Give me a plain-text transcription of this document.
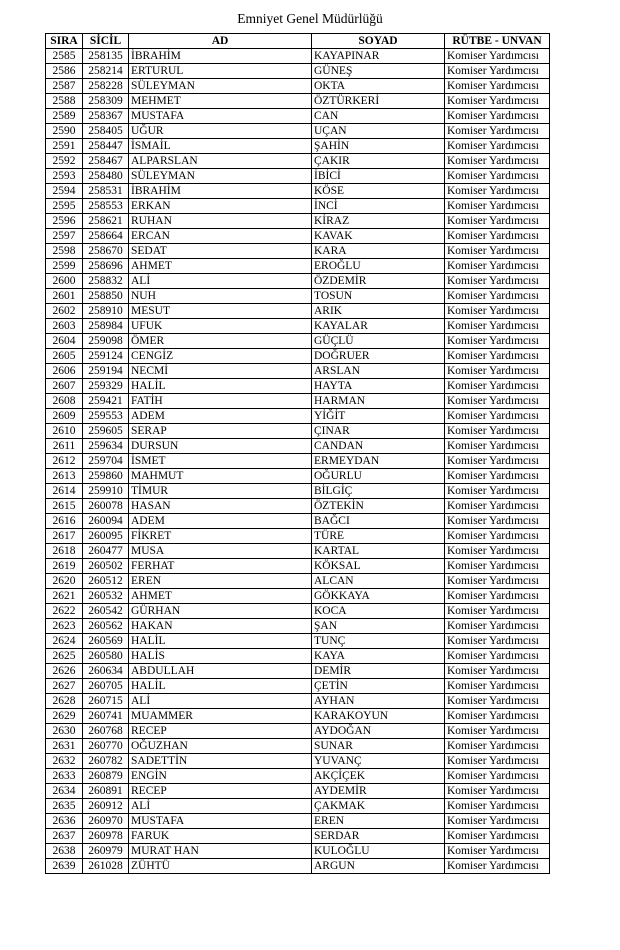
Emniyet Genel Müdürlüğü
SIRA	SİCİL	AD	SOYAD	RÜTBE - UNVAN
2585	258135	İBRAHİM	KAYAPINAR	Komiser Yardımcısı
2586	258214	ERTURUL	GÜNEŞ	Komiser Yardımcısı
2587	258228	SÜLEYMAN	OKTA	Komiser Yardımcısı
2588	258309	MEHMET	ÖZTÜRKERİ	Komiser Yardımcısı
2589	258367	MUSTAFA	CAN	Komiser Yardımcısı
2590	258405	UĞUR	UÇAN	Komiser Yardımcısı
2591	258447	İSMAİL	ŞAHİN	Komiser Yardımcısı
2592	258467	ALPARSLAN	ÇAKIR	Komiser Yardımcısı
2593	258480	SÜLEYMAN	İBİCİ	Komiser Yardımcısı
2594	258531	İBRAHİM	KÖSE	Komiser Yardımcısı
2595	258553	ERKAN	İNCİ	Komiser Yardımcısı
2596	258621	RUHAN	KİRAZ	Komiser Yardımcısı
2597	258664	ERCAN	KAVAK	Komiser Yardımcısı
2598	258670	SEDAT	KARA	Komiser Yardımcısı
2599	258696	AHMET	EROĞLU	Komiser Yardımcısı
2600	258832	ALİ	ÖZDEMİR	Komiser Yardımcısı
2601	258850	NUH	TOSUN	Komiser Yardımcısı
2602	258910	MESUT	ARIK	Komiser Yardımcısı
2603	258984	UFUK	KAYALAR	Komiser Yardımcısı
2604	259098	ÖMER	GÜÇLÜ	Komiser Yardımcısı
2605	259124	CENGİZ	DOĞRUER	Komiser Yardımcısı
2606	259194	NECMİ	ARSLAN	Komiser Yardımcısı
2607	259329	HALİL	HAYTA	Komiser Yardımcısı
2608	259421	FATİH	HARMAN	Komiser Yardımcısı
2609	259553	ADEM	YİĞİT	Komiser Yardımcısı
2610	259605	SERAP	ÇINAR	Komiser Yardımcısı
2611	259634	DURSUN	CANDAN	Komiser Yardımcısı
2612	259704	İSMET	ERMEYDAN	Komiser Yardımcısı
2613	259860	MAHMUT	OĞURLU	Komiser Yardımcısı
2614	259910	TİMUR	BİLGİÇ	Komiser Yardımcısı
2615	260078	HASAN	ÖZTEKİN	Komiser Yardımcısı
2616	260094	ADEM	BAĞCI	Komiser Yardımcısı
2617	260095	FİKRET	TÜRE	Komiser Yardımcısı
2618	260477	MUSA	KARTAL	Komiser Yardımcısı
2619	260502	FERHAT	KÖKSAL	Komiser Yardımcısı
2620	260512	EREN	ALCAN	Komiser Yardımcısı
2621	260532	AHMET	GÖKKAYA	Komiser Yardımcısı
2622	260542	GÜRHAN	KOCA	Komiser Yardımcısı
2623	260562	HAKAN	ŞAN	Komiser Yardımcısı
2624	260569	HALİL	TUNÇ	Komiser Yardımcısı
2625	260580	HALİS	KAYA	Komiser Yardımcısı
2626	260634	ABDULLAH	DEMİR	Komiser Yardımcısı
2627	260705	HALİL	ÇETİN	Komiser Yardımcısı
2628	260715	ALİ	AYHAN	Komiser Yardımcısı
2629	260741	MUAMMER	KARAKOYUN	Komiser Yardımcısı
2630	260768	RECEP	AYDOĞAN	Komiser Yardımcısı
2631	260770	OĞUZHAN	SUNAR	Komiser Yardımcısı
2632	260782	SADETTİN	YUVANÇ	Komiser Yardımcısı
2633	260879	ENGİN	AKÇİÇEK	Komiser Yardımcısı
2634	260891	RECEP	AYDEMİR	Komiser Yardımcısı
2635	260912	ALİ	ÇAKMAK	Komiser Yardımcısı
2636	260970	MUSTAFA	EREN	Komiser Yardımcısı
2637	260978	FARUK	SERDAR	Komiser Yardımcısı
2638	260979	MURAT HAN	KULOĞLU	Komiser Yardımcısı
2639	261028	ZÜHTÜ	ARGUN	Komiser Yardımcısı
